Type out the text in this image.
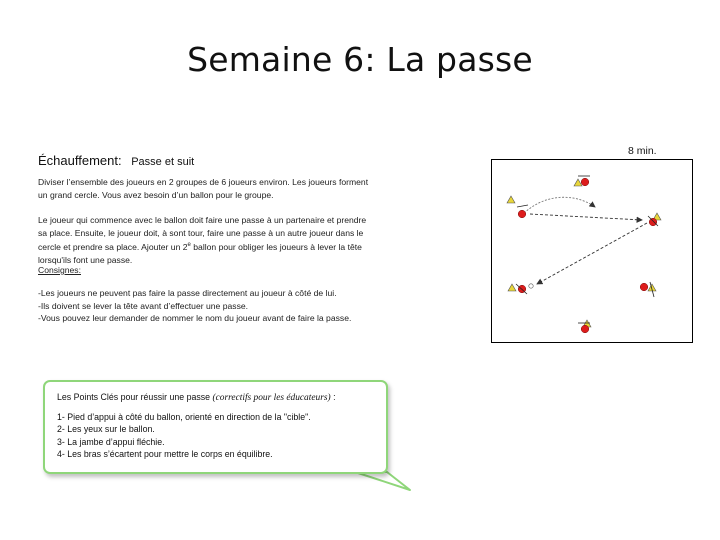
Semaine 6: La passe
Échauffement: Passe et suit
8 min.
Diviser l’ensemble des joueurs en 2 groupes de 6 joueurs environ. Les joueurs forment
un grand cercle. Vous avez besoin d’un ballon pour le groupe.
Le joueur qui commence avec le ballon doit faire une passe à un partenaire et prendre
sa place. Ensuite, le joueur doit, à sont tour, faire une passe à un autre joueur dans le
cercle et prendre sa place. Ajouter un 2e ballon pour obliger les joueurs à lever la tête
lorsqu'ils font une passe.
Consignes:
-Les joueurs ne peuvent pas faire la passe directement au joueur à côté de lui.
-Ils doivent se lever la tête avant d’effectuer une passe.
-Vous pouvez leur demander de nommer le nom du joueur avant de faire la passe.
Les Points Clés pour réussir une passe (correctifs pour les éducateurs) :
1- Pied d’appui à côté du ballon, orienté en direction de la "cible".
2- Les yeux sur le ballon.
3- La jambe d’appui fléchie.
4- Les bras s’écartent pour mettre le corps en équilibre.
